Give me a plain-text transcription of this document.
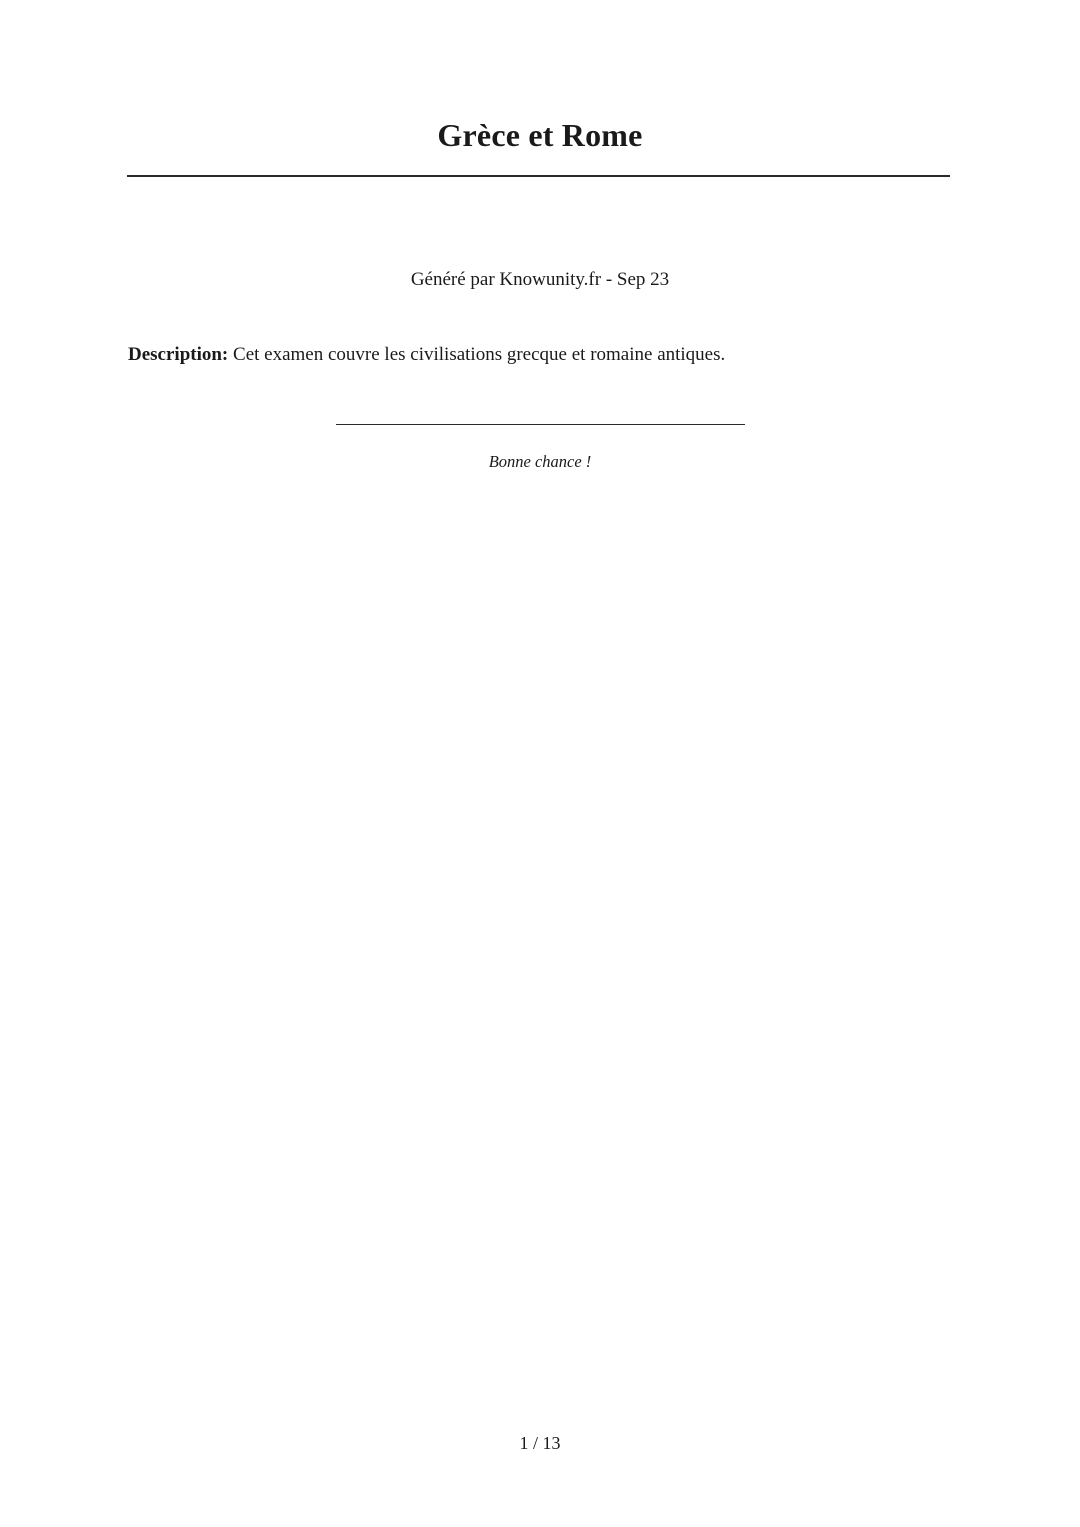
Grèce et Rome

Généré par Knowunity.fr - Sep 23

Description: Cet examen couvre les civilisations grecque et romaine antiques.

Bonne chance !

1 / 13
